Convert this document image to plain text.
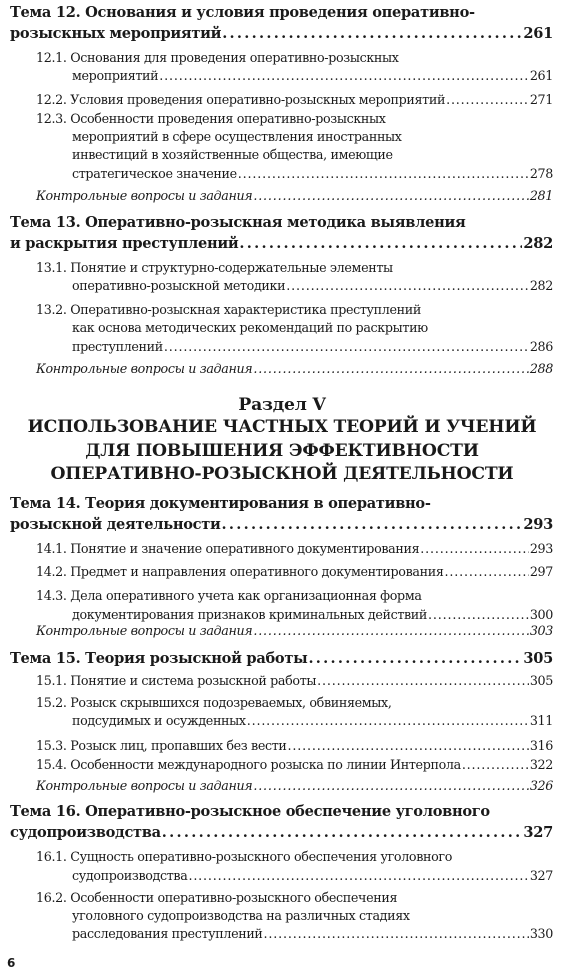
Тема 12. Основания и условия проведения оперативно-
розыскных мероприятий . . .	261
12.1. Основания для проведения оперативно-розыскных
мероприятий . . .	261
12.2. Условия проведения оперативно-розыскных мероприятий . . .	271
12.3. Особенности проведения оперативно-розыскных
мероприятий в сфере осуществления иностранных
инвестиций в хозяйственные общества, имеющие
стратегическое значение . . .	278
Контрольные вопросы и задания . . .	281
Тема 13. Оперативно-розыскная методика выявления
и раскрытия преступлений . . .	282
13.1. Понятие и структурно-содержательные элементы
оперативно-розыскной методики . . .	282
13.2. Оперативно-розыскная характеристика преступлений
как основа методических рекомендаций по раскрытию
преступлений . . .	286
Контрольные вопросы и задания . . .	288
Раздел V
ИСПОЛЬЗОВАНИЕ ЧАСТНЫХ ТЕОРИЙ И УЧЕНИЙ
ДЛЯ ПОВЫШЕНИЯ ЭФФЕКТИВНОСТИ
ОПЕРАТИВНО-РОЗЫСКНОЙ ДЕЯТЕЛЬНОСТИ
Тема 14. Теория документирования в оперативно-
розыскной деятельности . . .	293
14.1. Понятие и значение оперативного документирования . . .	293
14.2. Предмет и направления оперативного документирования . . .	297
14.3. Дела оперативного учета как организационная форма
документирования признаков криминальных действий . . .	300
Контрольные вопросы и задания . . .	303
Тема 15. Теория розыскной работы . . .	305
15.1. Понятие и система розыскной работы . . .	305
15.2. Розыск скрывшихся подозреваемых, обвиняемых,
подсудимых и осужденных . . .	311
15.3. Розыск лиц, пропавших без вести . . .	316
15.4. Особенности международного розыска по линии Интерпола . . .	322
Контрольные вопросы и задания . . .	326
Тема 16. Оперативно-розыскное обеспечение уголовного
судопроизводства . . .	327
16.1. Сущность оперативно-розыскного обеспечения уголовного
судопроизводства . . .	327
16.2. Особенности оперативно-розыскного обеспечения
уголовного судопроизводства на различных стадиях
расследования преступлений . . .	330
6
